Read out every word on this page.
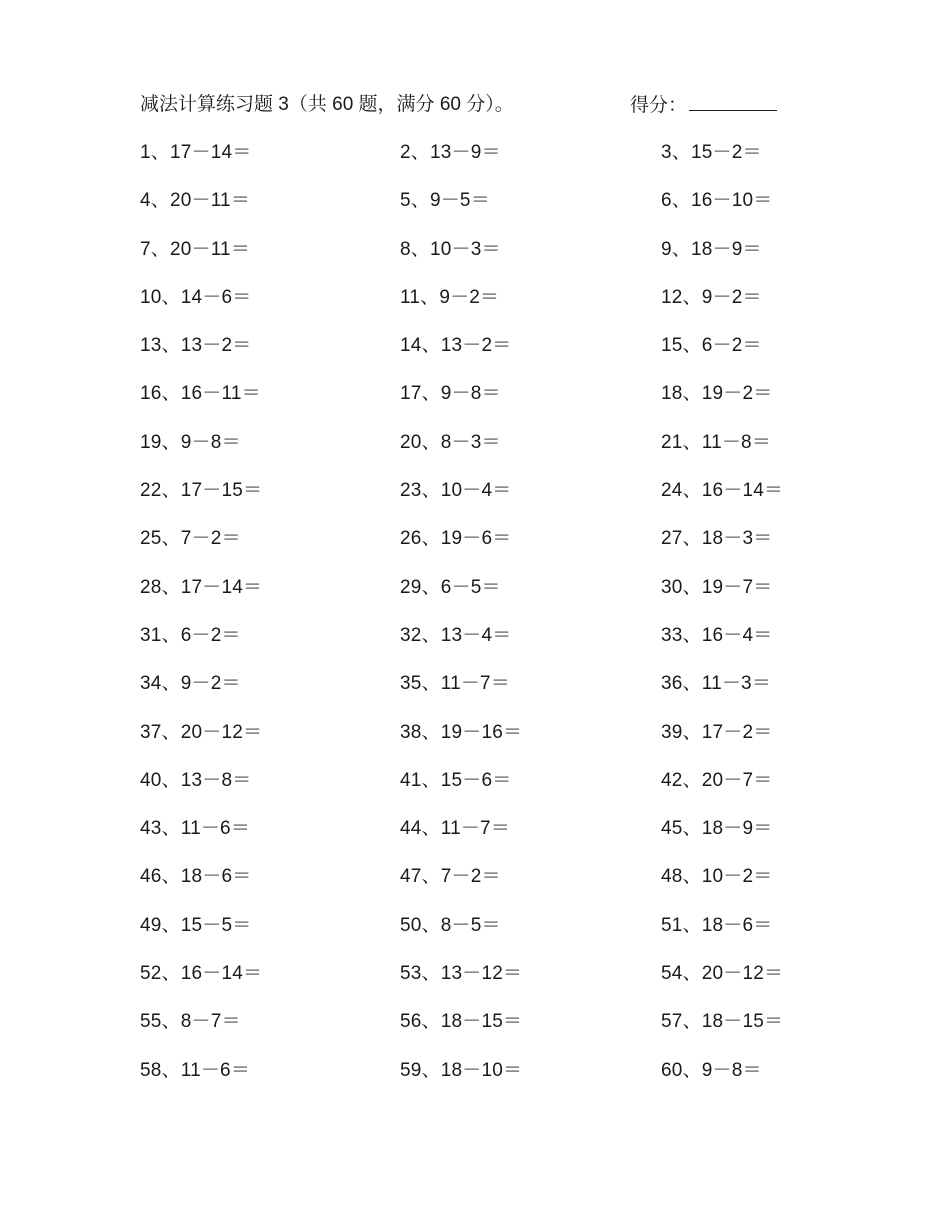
减法计算练习题 3（共 60 题，满分 60 分）。	得分：
1、17－14＝	2、13－9＝	3、15－2＝
4、20－11＝	5、9－5＝	6、16－10＝
7、20－11＝	8、10－3＝	9、18－9＝
10、14－6＝	11、9－2＝	12、9－2＝
13、13－2＝	14、13－2＝	15、6－2＝
16、16－11＝	17、9－8＝	18、19－2＝
19、9－8＝	20、8－3＝	21、11－8＝
22、17－15＝	23、10－4＝	24、16－14＝
25、7－2＝	26、19－6＝	27、18－3＝
28、17－14＝	29、6－5＝	30、19－7＝
31、6－2＝	32、13－4＝	33、16－4＝
34、9－2＝	35、11－7＝	36、11－3＝
37、20－12＝	38、19－16＝	39、17－2＝
40、13－8＝	41、15－6＝	42、20－7＝
43、11－6＝	44、11－7＝	45、18－9＝
46、18－6＝	47、7－2＝	48、10－2＝
49、15－5＝	50、8－5＝	51、18－6＝
52、16－14＝	53、13－12＝	54、20－12＝
55、8－7＝	56、18－15＝	57、18－15＝
58、11－6＝	59、18－10＝	60、9－8＝
